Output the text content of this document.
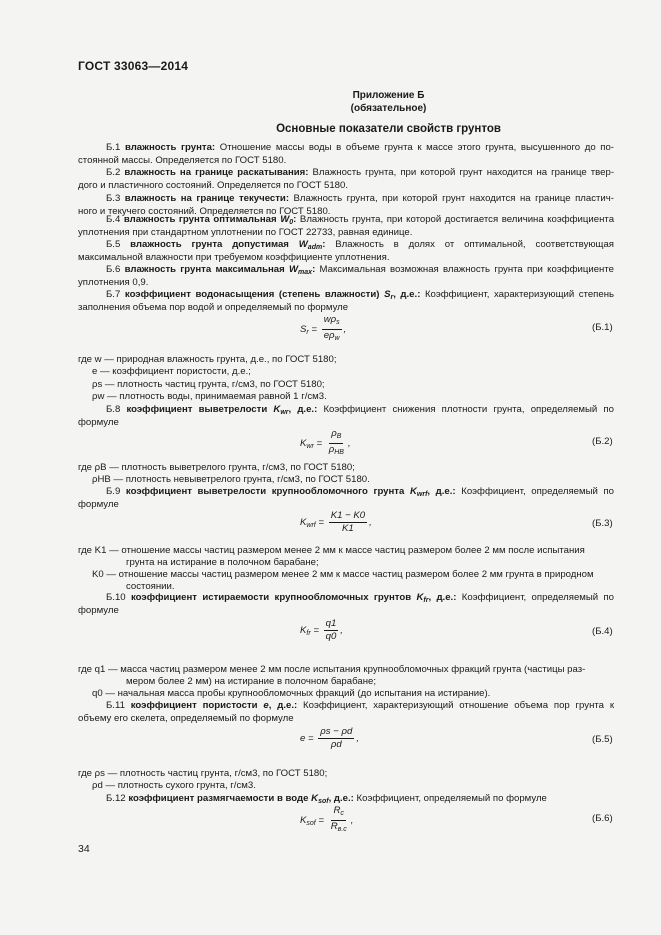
ГОСТ 33063—2014
Приложение Б
(обязательное)
Основные показатели свойств грунтов
Б.1 влажность грунта: Отношение массы воды в объеме грунта к массе этого грунта, высушенного до по-
стоянной массы. Определяется по ГОСТ 5180.
Б.2 влажность на границе раскатывания: Влажность грунта, при которой грунт находится на границе твер-
дого и пластичного состояний. Определяется по ГОСТ 5180.
Б.3 влажность на границе текучести: Влажность грунта, при которой грунт находится на границе пластич-
ного и текучего состояний. Определяется по ГОСТ 5180.
Б.4 влажность грунта оптимальная $W_0$: Влажность грунта, при которой достигается величина коэффициента
уплотнения при стандартном уплотнении по ГОСТ 22733, равная единице.
Б.5 влажность грунта допустимая $W_{adm}$: Влажность в долях от оптимальной, соответствующая
максимальной влажности при требуемом коэффициенте уплотнения.
Б.6 влажность грунта максимальная $W_{max}$: Максимальная возможная влажность грунта при коэффициенте
уплотнения 0,9.
Б.7 коэффициент водонасыщения (степень влажности) $S_r$, д.е.: Коэффициент, характеризующий степень
заполнения объема пор водой и определяемый по формуле
$S_r = \frac{w\rho_s}{e\rho_w}$ ,	(Б.1)
где w — природная влажность грунта, д.е., по ГОСТ 5180;
e — коэффициент пористости, д.е.;
ρs — плотность частиц грунта, г/см3, по ГОСТ 5180;
ρw — плотность воды, принимаемая равной 1 г/см3.
Б.8 коэффициент выветрелости $K_{wr}$, д.е.: Коэффициент снижения плотности грунта, определяемый по
формуле
$K_{wr} = \frac{\rho_В}{\rho_{НВ}}$ ,	(Б.2)
где ρВ — плотность выветрелого грунта, г/см3, по ГОСТ 5180;
ρНВ — плотность невыветрелого грунта, г/см3, по ГОСТ 5180.
Б.9 коэффициент выветрелости крупнообломочного грунта $K_{wrf}$, д.е.: Коэффициент, определяемый по
формуле
$K_{wrf} = \frac{K1 - K0}{K1}$ ,	(Б.3)
где K1 — отношение массы частиц размером менее 2 мм к массе частиц размером более 2 мм после испытания
грунта на истирание в полочном барабане;
K0 — отношение массы частиц размером менее 2 мм к массе частиц размером более 2 мм грунта в природном
состоянии.
Б.10 коэффициент истираемости крупнообломочных грунтов $K_{fr}$, д.е.: Коэффициент, определяемый по
формуле
$K_{fr} = \frac{q1}{q0}$ ,	(Б.4)
где q1 — масса частиц размером менее 2 мм после испытания крупнообломочных фракций грунта (частицы раз-
мером более 2 мм) на истирание в полочном барабане;
q0 — начальная масса пробы крупнообломочных фракций (до испытания на истирание).
Б.11 коэффициент пористости e, д.е.: Коэффициент, характеризующий отношение объема пор грунта к
объему его скелета, определяемый по формуле
$e = \frac{\rho s - \rho d}{\rho d}$ ,	(Б.5)
где ρs — плотность частиц грунта, г/см3, по ГОСТ 5180;
ρd — плотность сухого грунта, г/см3.
Б.12 коэффициент размягчаемости в воде $K_{sof}$, д.е.: Коэффициент, определяемый по формуле
$K_{sof} = \frac{R_c}{R_{в.с}}$ ,	(Б.6)
34
